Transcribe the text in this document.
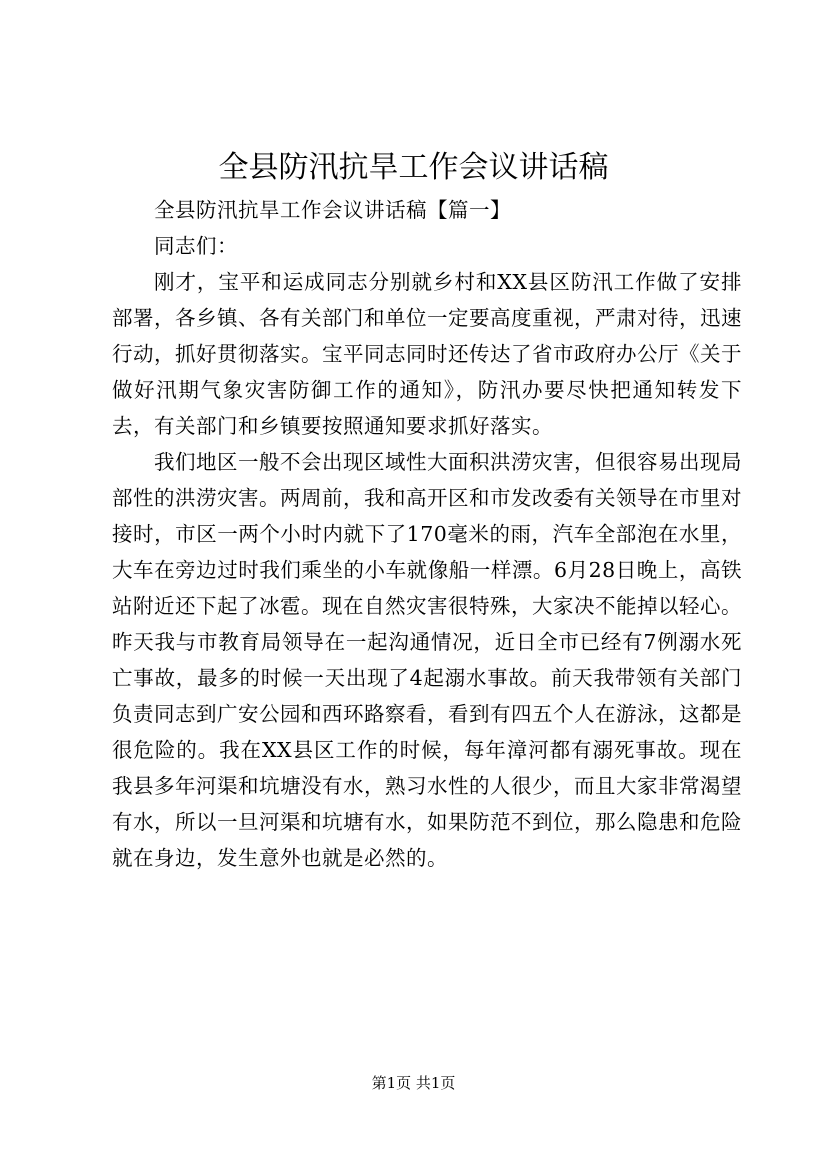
全县防汛抗旱工作会议讲话稿

全县防汛抗旱工作会议讲话稿【篇一】

同志们：

刚才，宝平和运成同志分别就乡村和XX县区防汛工作做了安排部署，各乡镇、各有关部门和单位一定要高度重视，严肃对待，迅速行动，抓好贯彻落实。宝平同志同时还传达了省市政府办公厅《关于做好汛期气象灾害防御工作的通知》，防汛办要尽快把通知转发下去，有关部门和乡镇要按照通知要求抓好落实。

我们地区一般不会出现区域性大面积洪涝灾害，但很容易出现局部性的洪涝灾害。两周前，我和高开区和市发改委有关领导在市里对接时，市区一两个小时内就下了170毫米的雨，汽车全部泡在水里，大车在旁边过时我们乘坐的小车就像船一样漂。6月28日晚上，高铁站附近还下起了冰雹。现在自然灾害很特殊，大家决不能掉以轻心。昨天我与市教育局领导在一起沟通情况，近日全市已经有7例溺水死亡事故，最多的时候一天出现了4起溺水事故。前天我带领有关部门负责同志到广安公园和西环路察看，看到有四五个人在游泳，这都是很危险的。我在XX县区工作的时候，每年漳河都有溺死事故。现在我县多年河渠和坑塘没有水，熟习水性的人很少，而且大家非常渴望有水，所以一旦河渠和坑塘有水，如果防范不到位，那么隐患和危险就在身边，发生意外也就是必然的。

第1页 共1页
